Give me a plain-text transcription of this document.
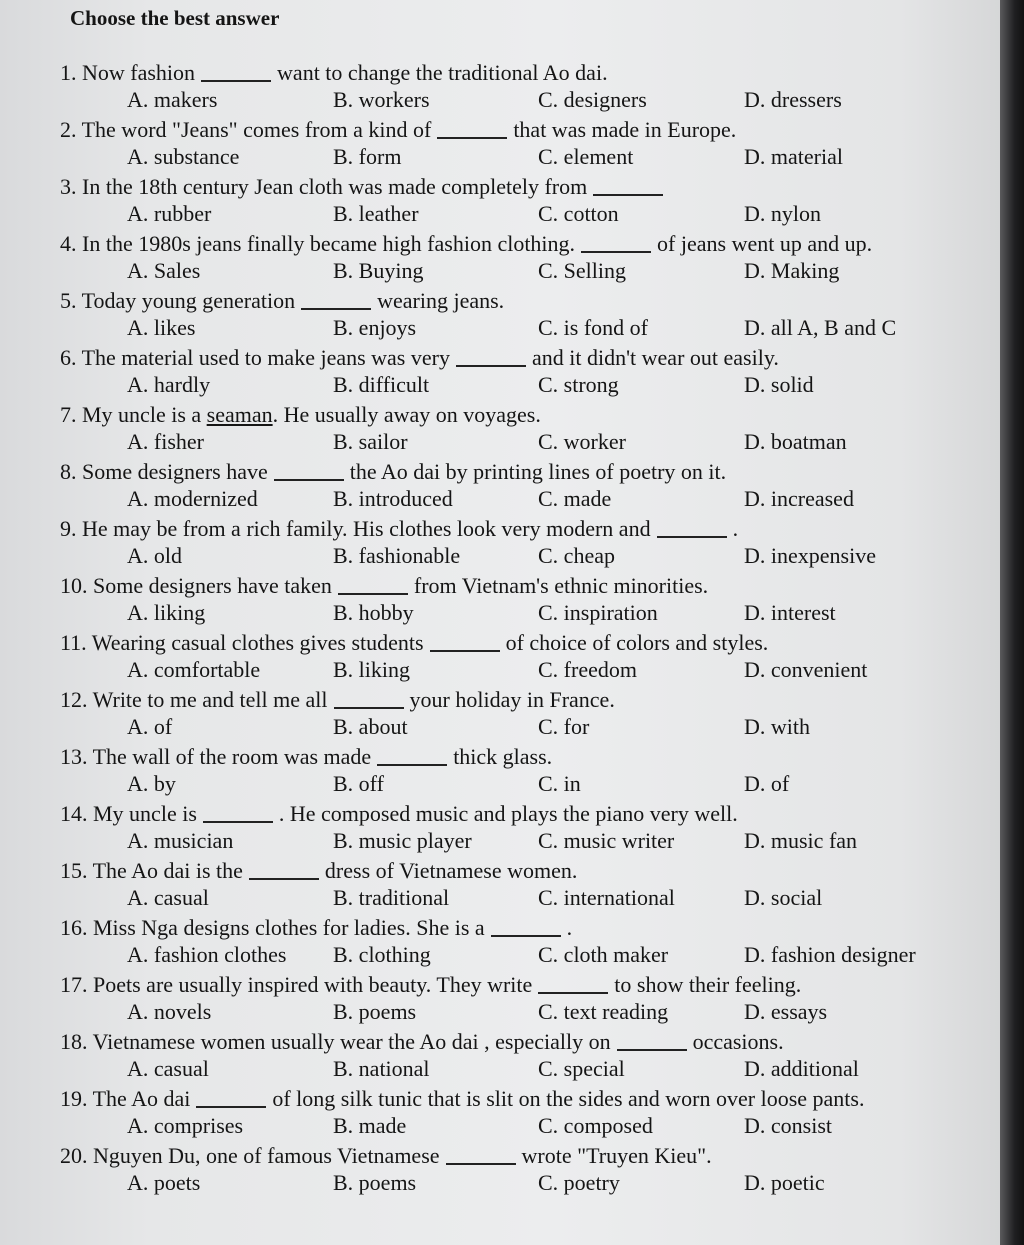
Choose the best answer
1. Now fashion	want to change the traditional Ao dai.
A. makers	B. workers	C. designers	D. dressers
2. The word "Jeans" comes from a kind of	that was made in Europe.
A. substance	B. form	C. element	D. material
3. In the 18th century Jean cloth was made completely from
A. rubber	B. leather	C. cotton	D. nylon
4. In the 1980s jeans finally became high fashion clothing.	of jeans went up and up.
A. Sales	B. Buying	C. Selling	D. Making
5. Today young generation	wearing jeans.
A. likes	B. enjoys	C. is fond of	D. all A, B and C
6. The material used to make jeans was very	and it didn't wear out easily.
A. hardly	B. difficult	C. strong	D. solid
7. My uncle is a seaman. He usually away on voyages.
A. fisher	B. sailor	C. worker	D. boatman
8. Some designers have	the Ao dai by printing lines of poetry on it.
A. modernized	B. introduced	C. made	D. increased
9. He may be from a rich family. His clothes look very modern and	.
A. old	B. fashionable	C. cheap	D. inexpensive
10. Some designers have taken	from Vietnam's ethnic minorities.
A. liking	B. hobby	C. inspiration	D. interest
11. Wearing casual clothes gives students	of choice of colors and styles.
A. comfortable	B. liking	C. freedom	D. convenient
12. Write to me and tell me all	your holiday in France.
A. of	B. about	C. for	D. with
13. The wall of the room was made	thick glass.
A. by	B. off	C. in	D. of
14. My uncle is	. He composed music and plays the piano very well.
A. musician	B. music player	C. music writer	D. music fan
15. The Ao dai is the	dress of Vietnamese women.
A. casual	B. traditional	C. international	D. social
16. Miss Nga designs clothes for ladies. She is a	.
A. fashion clothes B. clothing	C. cloth maker	D. fashion designer
17. Poets are usually inspired with beauty. They write	to show their feeling.
A. novels	B. poems	C. text reading	D. essays
18. Vietnamese women usually wear the Ao dai , especially on	occasions.
A. casual	B. national	C. special	D. additional
19. The Ao dai	of long silk tunic that is slit on the sides and worn over loose pants.
A. comprises	B. made	C. composed	D. consist
20. Nguyen Du, one of famous Vietnamese	wrote "Truyen Kieu".
A. poets	B. poems	C. poetry	D. poetic
